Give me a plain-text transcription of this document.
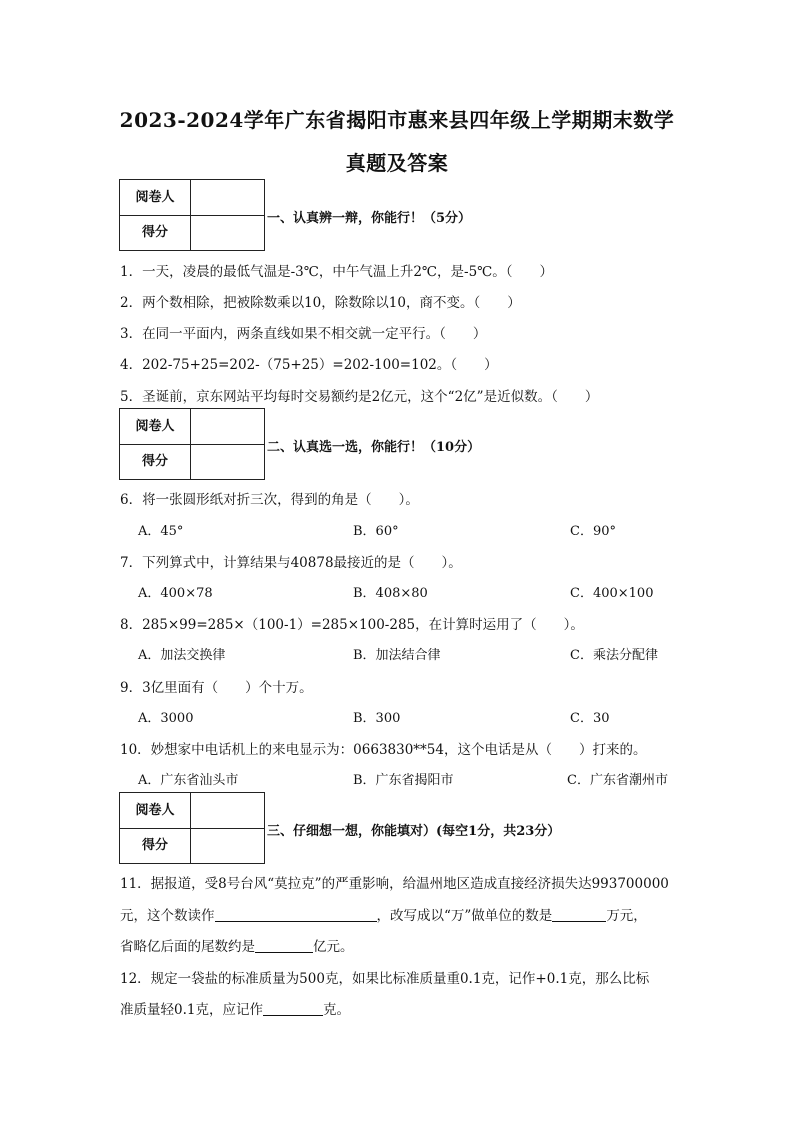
2023-2024学年广东省揭阳市惠来县四年级上学期期末数学
真题及答案
阅卷人
得分
一、认真辨一辩，你能行！（5分）
1．一天，凌晨的最低气温是-3℃，中午气温上升2℃，是-5℃。（　　）
2．两个数相除，把被除数乘以10，除数除以10，商不变。（　　）
3．在同一平面内，两条直线如果不相交就一定平行。（　　）
4．202-75+25=202-（75+25）=202-100=102。（　　）
5．圣诞前，京东网站平均每时交易额约是2亿元，这个“2亿”是近似数。（　　）
阅卷人
得分
二、认真选一选，你能行！（10分）
6．将一张圆形纸对折三次，得到的角是（　　）。
A．45°	B．60°	C．90°
7．下列算式中，计算结果与40878最接近的是（　　）。
A．400×78	B．408×80	C．400×100
8．285×99=285×（100-1）=285×100-285，在计算时运用了（　　）。
A．加法交换律	B．加法结合律	C．乘法分配律
9．3亿里面有（　　）个十万。
A．3000	B．300	C．30
10．妙想家中电话机上的来电显示为：0663830**54，这个电话是从（　　）打来的。
A．广东省汕头市	B．广东省揭阳市	C．广东省潮州市
阅卷人
得分
三、仔细想一想，你能填对）(每空1分，共23分）
11．据报道，受8号台风“莫拉克”的严重影响，给温州地区造成直接经济损失达993700000
元，这个数读作	，改写成以“万”做单位的数是	万元，
省略亿后面的尾数约是	亿元。
12．规定一袋盐的标准质量为500克，如果比标准质量重0.1克，记作+0.1克，那么比标
准质量轻0.1克，应记作	克。
